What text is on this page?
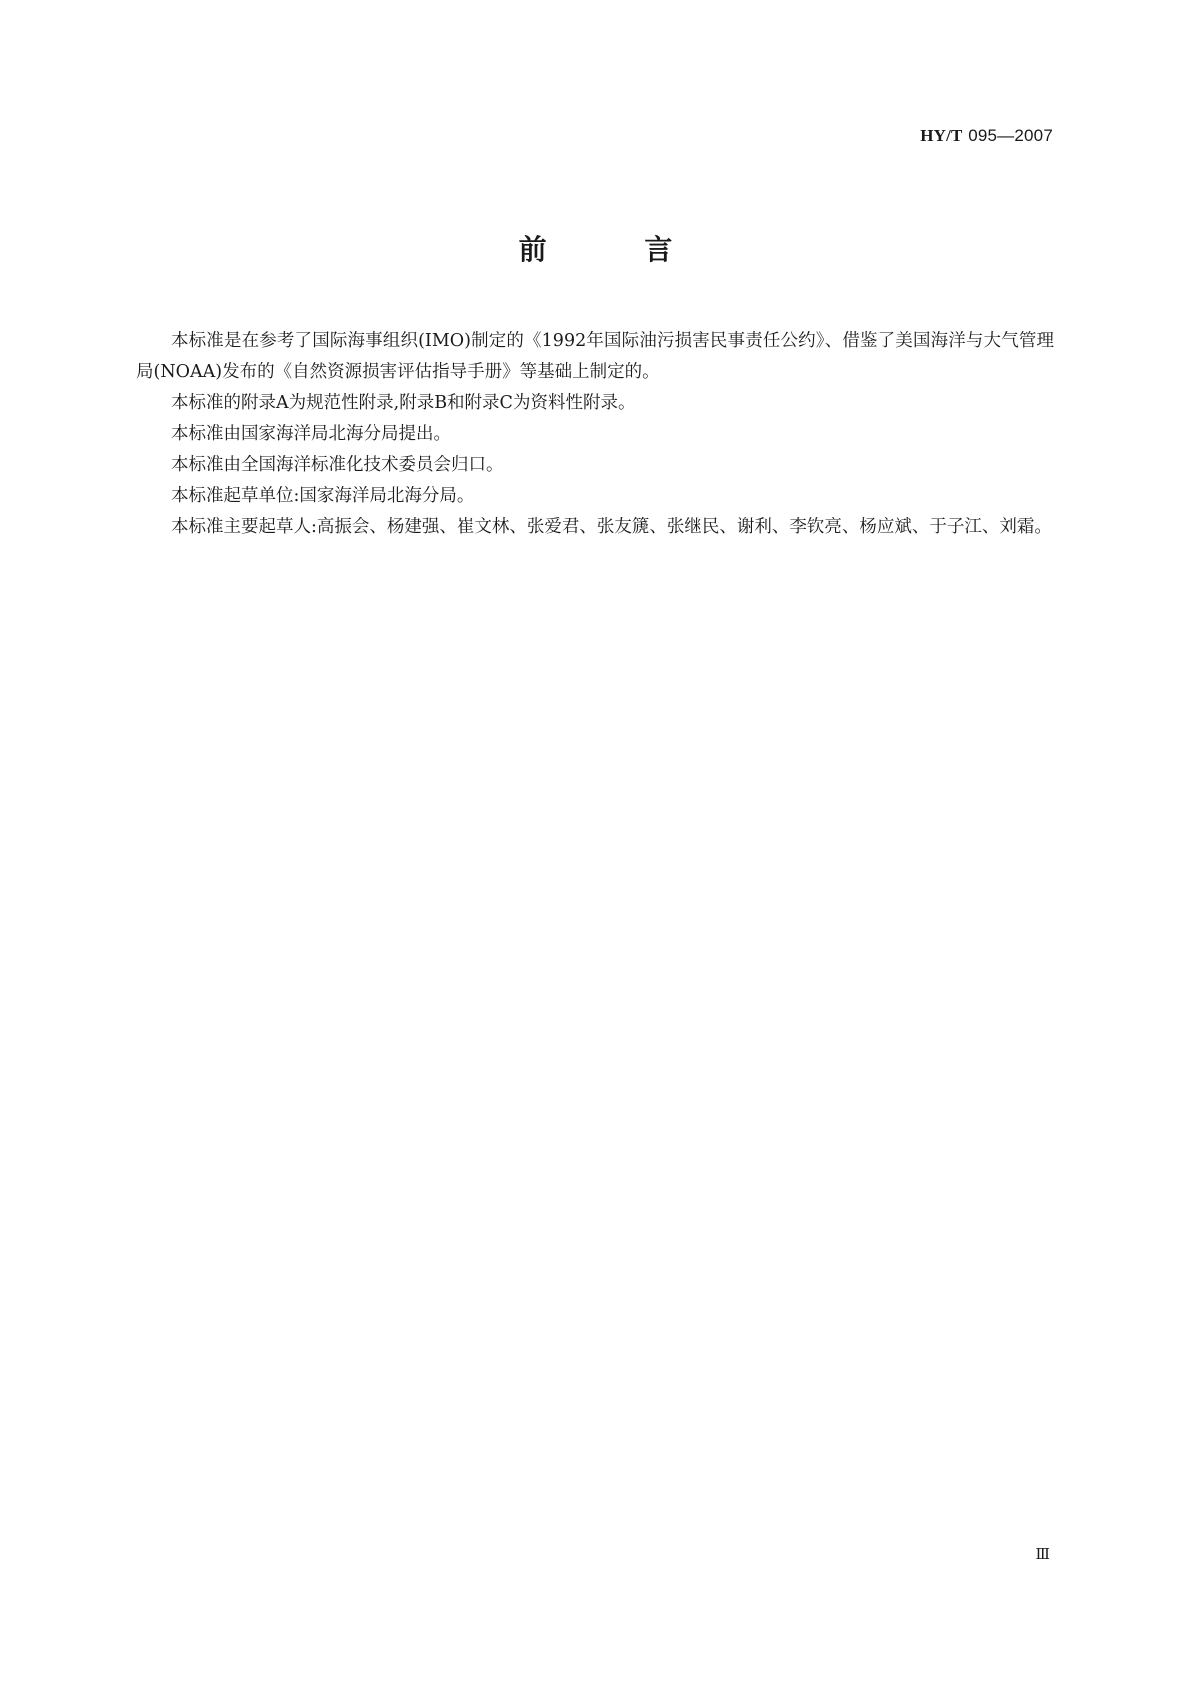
HY/T 095—2007
前 言

本标准是在参考了国际海事组织(IMO)制定的《1992年国际油污损害民事责任公约》、借鉴了美国海洋与大气管理局(NOAA)发布的《自然资源损害评估指导手册》等基础上制定的。

本标准的附录A为规范性附录,附录B和附录C为资料性附录。

本标准由国家海洋局北海分局提出。

本标准由全国海洋标准化技术委员会归口。

本标准起草单位:国家海洋局北海分局。

本标准主要起草人:高振会、杨建强、崔文林、张爱君、张友篪、张继民、谢利、李钦亮、杨应斌、于子江、刘霜。

Ⅲ
